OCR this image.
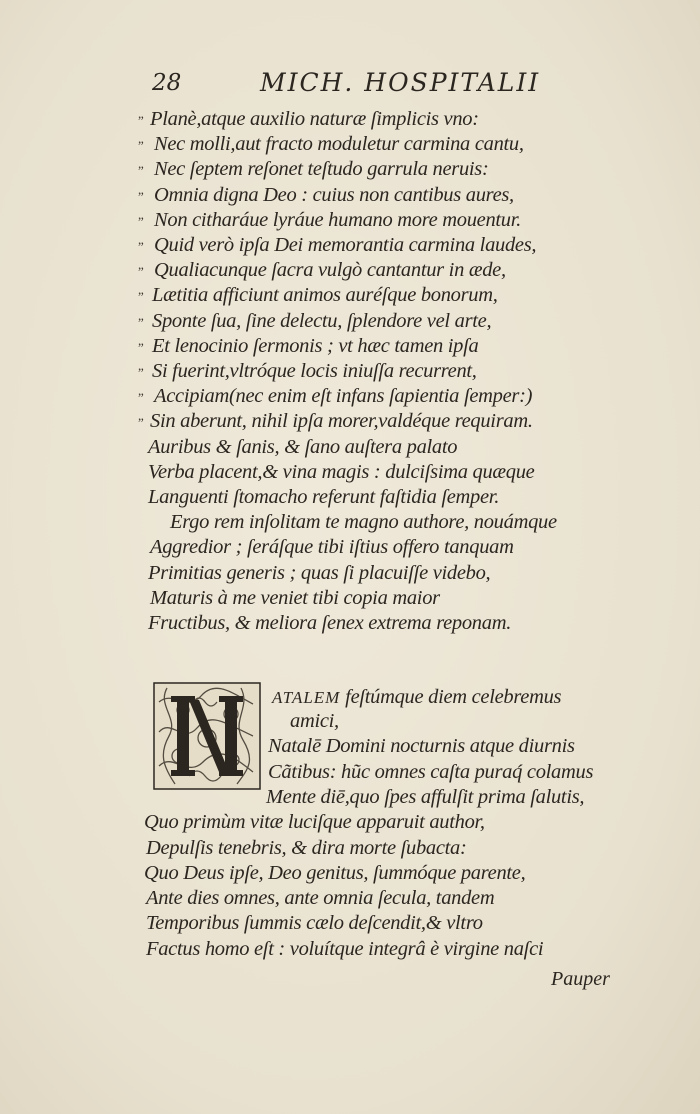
28	MICH. HOSPITALII
Planè,atque auxilio naturæ ſimplicis vno:
”
Nec molli,aut fracto moduletur carmina cantu,
”
Nec ſeptem reſonet teſtudo garrula neruis:
”
Omnia digna Deo : cuius non cantibus aures,
”
Non citharáue lyráue humano more mouentur.
”
Quid verò ipſa Dei memorantia carmina laudes,
”
Qualiacunque ſacra vulgò cantantur in æde,
”
Lætitia afficiunt animos auréſque bonorum,
”
Sponte ſua, ſine delectu, ſplendore vel arte,
”
Et lenocinio ſermonis ; vt hæc tamen ipſa
”
Si fuerint,vltróque locis iniuſſa recurrent,
”
Accipiam(nec enim eſt infans ſapientia ſemper:)
”
Sin aberunt, nihil ipſa morer,valdéque requiram.
”
Auribus & ſanis, & ſano auſtera palato
Verba placent,& vina magis : dulciſsima quæque
Languenti ſtomacho referunt faſtidia ſemper.
Ergo rem inſolitam te magno authore, nouámque
Aggredior ; ſeráſque tibi iſtius offero tanquam
Primitias generis ; quas ſi placuiſſe videbo,
Maturis à me veniet tibi copia maior
Fructibus, & meliora ſenex extrema reponam.
ATALEM feſtúmque diem celebremus
amici,
Natalē Domini nocturnis atque diurnis
Cãtibus: hũc omnes caſta puraq́ colamus
Mente diē,quo ſpes affulſit prima ſalutis,
Quo primùm vitæ luciſque apparuit author,
Depulſis tenebris, & dira morte ſubacta:
Quo Deus ipſe, Deo genitus, ſummóque parente,
Ante dies omnes, ante omnia ſecula, tandem
Temporibus ſummis cælo deſcendit,& vltro
Factus homo eſt : voluítque integrâ è virgine naſci
Pauper
